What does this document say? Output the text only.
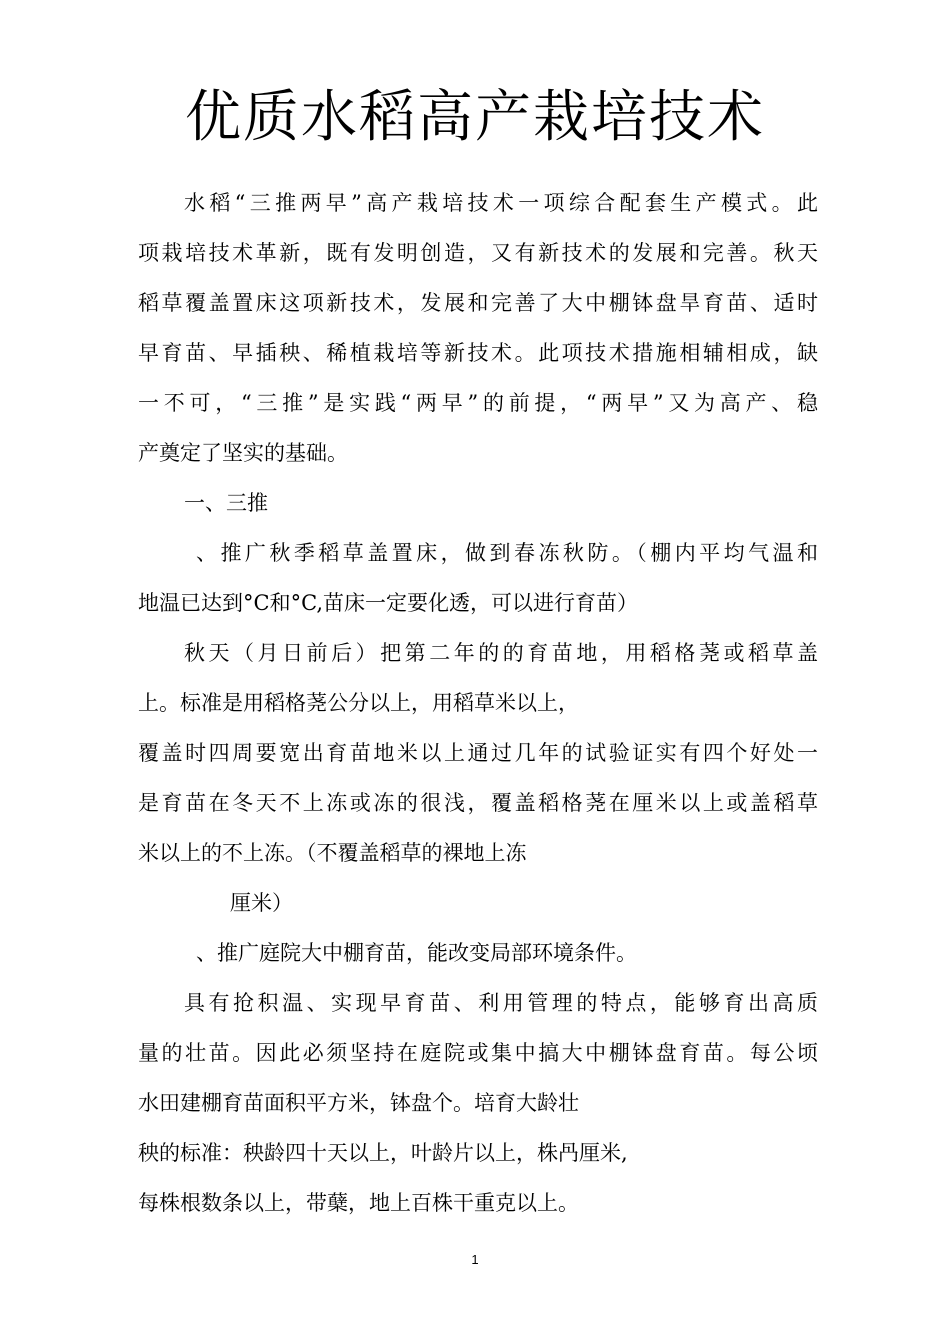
优质水稻高产栽培技术
水稻“三推两早”高产栽培技术一项综合配套生产模式。此
项栽培技术革新，既有发明创造，又有新技术的发展和完善。秋天
稻草覆盖置床这项新技术，发展和完善了大中棚钵盘旱育苗、适时
早育苗、早插秧、稀植栽培等新技术。此项技术措施相辅相成，缺
一不可，“三推”是实践“两早”的前提，“两早”又为高产、稳
产奠定了坚实的基础。
一、三推
、推广秋季稻草盖置床，做到春冻秋防。（棚内平均气温和
地温已达到°C和°C,苗床一定要化透，可以进行育苗）
秋天（月日前后）把第二年的的育苗地，用稻格荛或稻草盖
上。标准是用稻格荛公分以上，用稻草米以上，
覆盖时四周要宽出育苗地米以上通过几年的试验证实有四个好处一
是育苗在冬天不上冻或冻的很浅，覆盖稻格荛在厘米以上或盖稻草
米以上的不上冻。（不覆盖稻草的裸地上冻
厘米）
、推广庭院大中棚育苗，能改变局部环境条件。
具有抢积温、实现早育苗、利用管理的特点，能够育出高质
量的壮苗。因此必须坚持在庭院或集中搞大中棚钵盘育苗。每公顷
水田建棚育苗面积平方米，钵盘个。培育大龄壮
秧的标准：秧龄四十天以上，叶龄片以上，株冎厘米,
每株根数条以上，带蘖，地上百株干重克以上。
1
